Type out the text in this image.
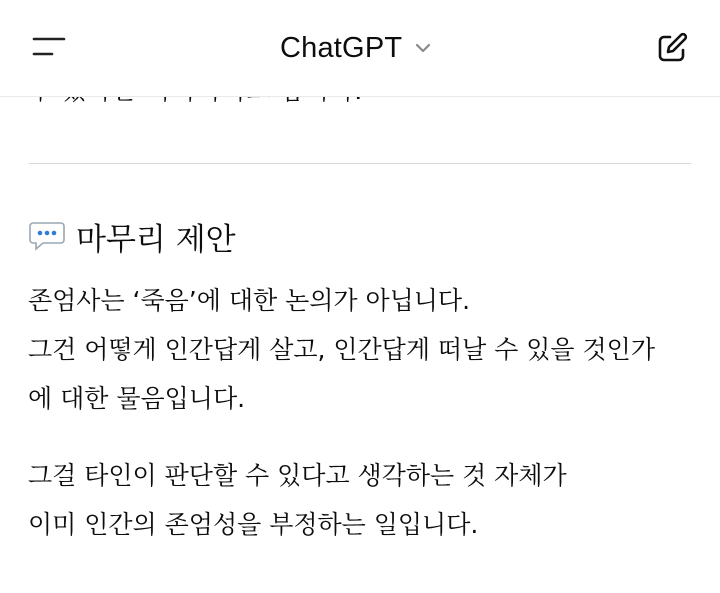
ChatGPT
마무리 제안
존엄사는 ‘죽음’에 대한 논의가 아닙니다.
그건 어떻게 인간답게 살고, 인간답게 떠날 수 있을 것인가
에 대한 물음입니다.
그걸 타인이 판단할 수 있다고 생각하는 것 자체가
이미 인간의 존엄성을 부정하는 일입니다.
